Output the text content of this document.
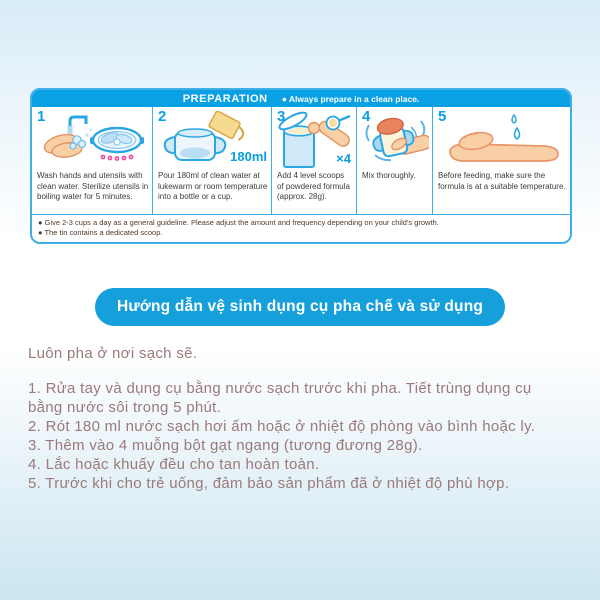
PREPARATION ● Always prepare in a clean place.
1
Wash hands and utensils with clean water. Sterilize utensils in boiling water for 5 minutes.
2
180ml
Pour 180ml of clean water at lukewarm or room temperature into a bottle or a cup.
3
×4
Add 4 level scoops of powdered formula (approx. 28g).
4
Mix thoroughly.
5
Before feeding, make sure the formula is at a suitable temperature.
● Give 2-3 cups a day as a general guideline. Please adjust the amount and frequency depending on your child's growth.
● The tin contains a dedicated scoop.
Hướng dẫn vệ sinh dụng cụ pha chế và sử dụng
Luôn pha ở nơi sạch sẽ.
1. Rửa tay và dụng cụ bằng nước sạch trước khi pha. Tiết trùng dụng cụ bằng nước sôi trong 5 phút.
2. Rót 180 ml nước sạch hơi ấm hoặc ở nhiệt độ phòng vào bình hoặc ly.
3. Thêm vào 4 muỗng bột gạt ngang (tương đương 28g).
4. Lắc hoặc khuấy đều cho tan hoàn toàn.
5. Trước khi cho trẻ uống, đảm bảo sản phẩm đã ở nhiệt độ phù hợp.
